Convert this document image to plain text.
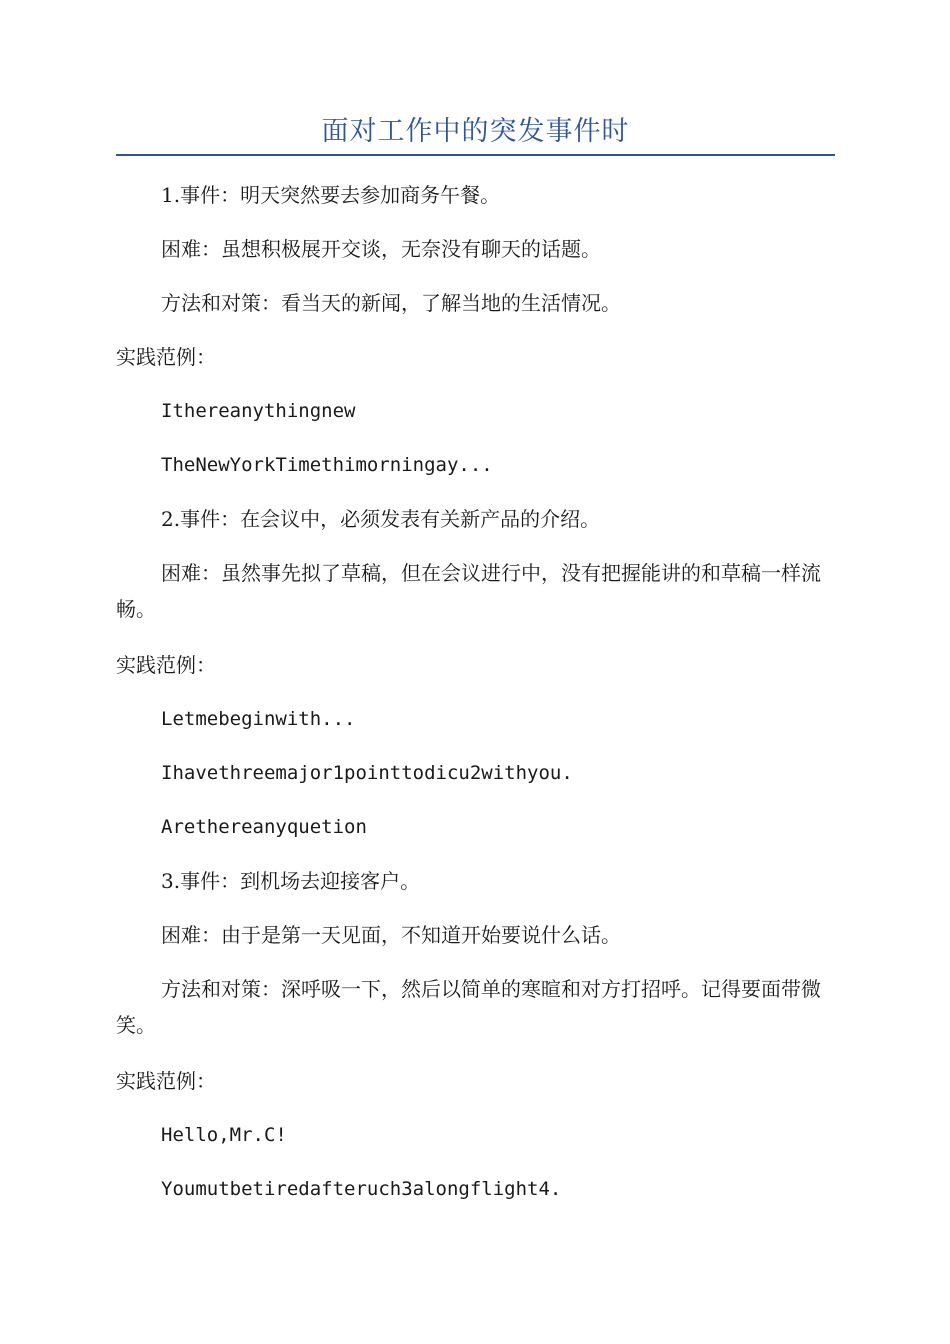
面对工作中的突发事件时
1.事件：明天突然要去参加商务午餐。
困难：虽想积极展开交谈，无奈没有聊天的话题。
方法和对策：看当天的新闻，了解当地的生活情况。
实践范例：
Ithereanythingnew
TheNewYorkTimethimorningay...
2.事件：在会议中，必须发表有关新产品的介绍。
困难：虽然事先拟了草稿，但在会议进行中，没有把握能讲的和草稿一样流畅。
实践范例：
Letmebeginwith...
Ihavethreemajor1pointtodicu2withyou.
Arethereanyquetion
3.事件：到机场去迎接客户。
困难：由于是第一天见面，不知道开始要说什么话。
方法和对策：深呼吸一下，然后以简单的寒暄和对方打招呼。记得要面带微笑。
实践范例：
Hello,Mr.C!
Youmutbetiredafteruch3alongflight4.
